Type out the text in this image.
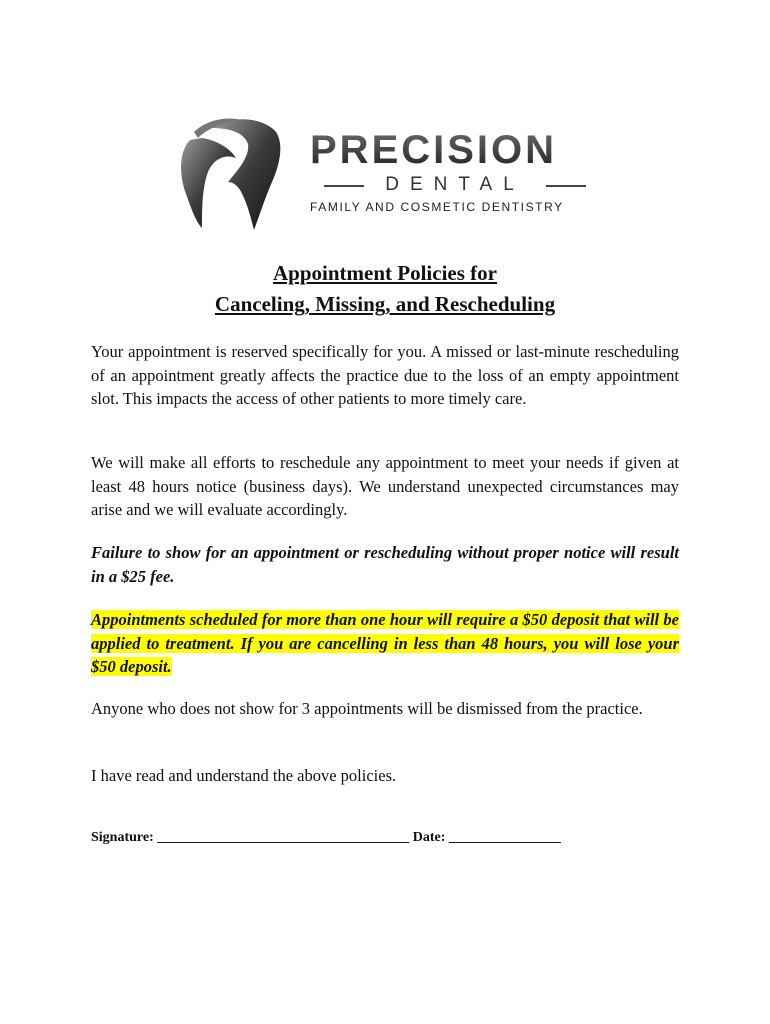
PRECISION
DENTAL
FAMILY AND COSMETIC DENTISTRY
Appointment Policies for
Canceling, Missing, and Rescheduling

Your appointment is reserved specifically for you. A missed or last-minute rescheduling of an appointment greatly affects the practice due to the loss of an empty appointment slot. This impacts the access of other patients to more timely care.

We will make all efforts to reschedule any appointment to meet your needs if given at least 48 hours notice (business days). We understand unexpected circumstances may arise and we will evaluate accordingly.

Failure to show for an appointment or rescheduling without proper notice will result in a $25 fee.

Appointments scheduled for more than one hour will require a $50 deposit that will be applied to treatment. If you are cancelling in less than 48 hours, you will lose your $50 deposit.

Anyone who does not show for 3 appointments will be dismissed from the practice.

I have read and understand the above policies.

Signature: ____________________________________ Date: ________________
